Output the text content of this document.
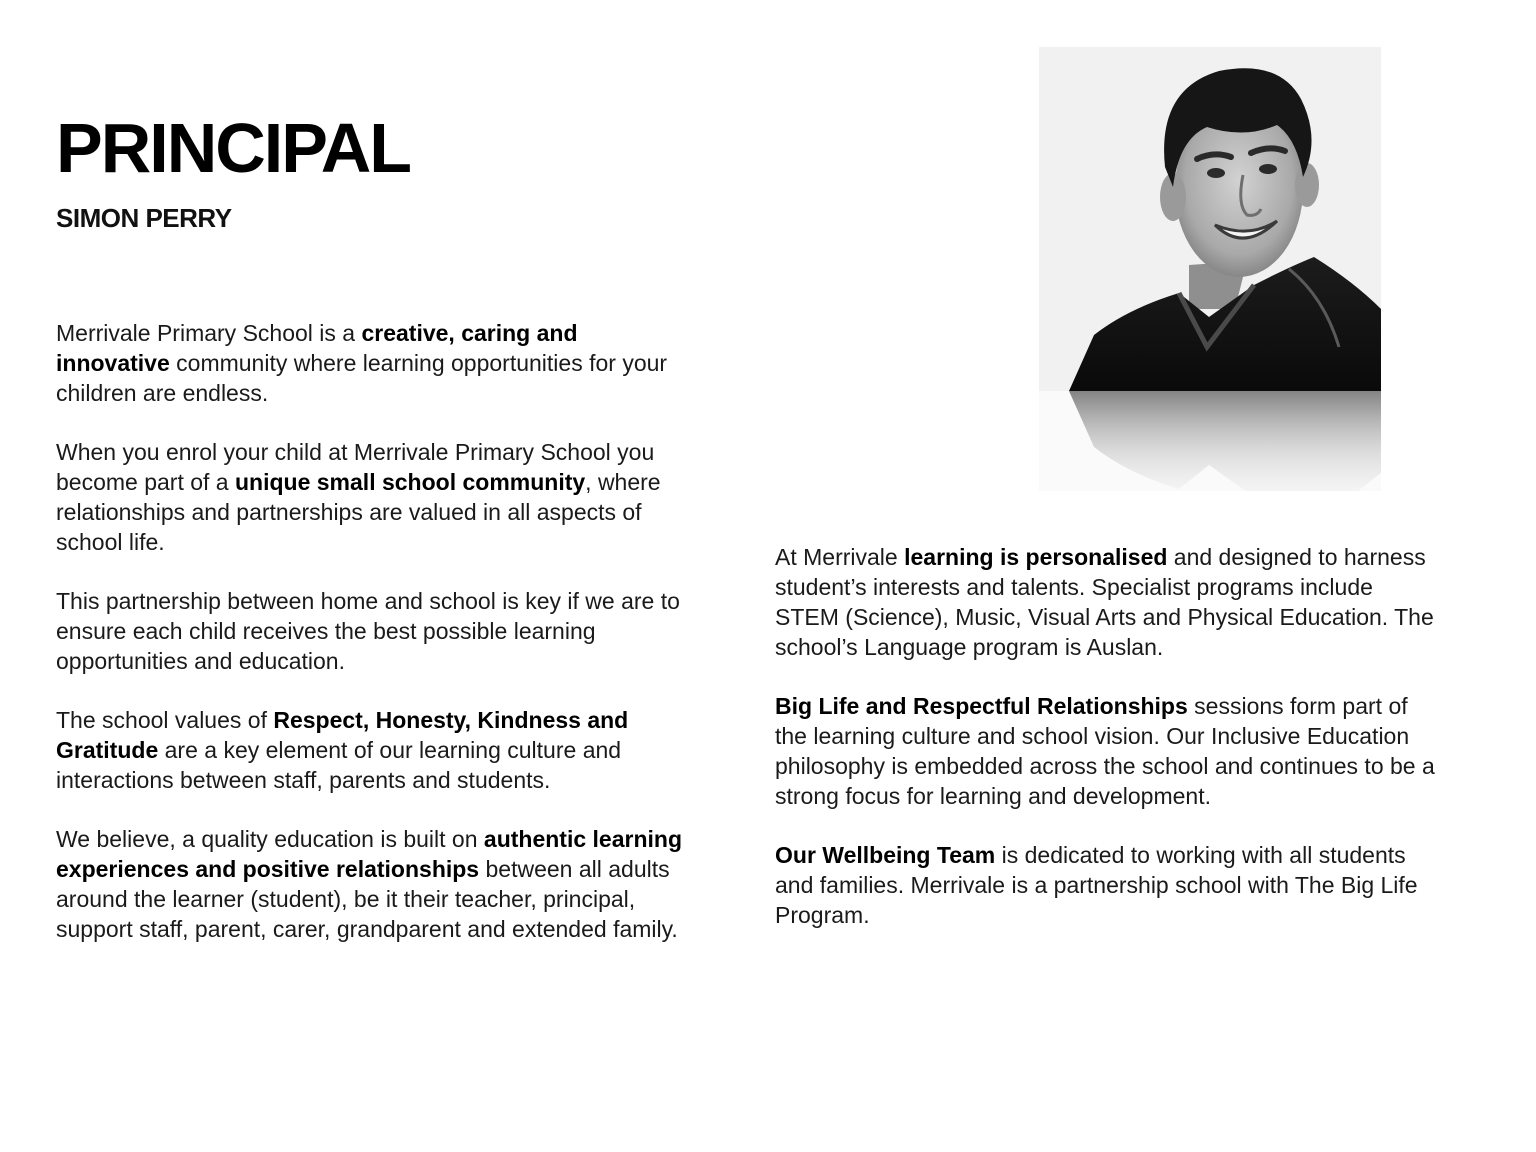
PRINCIPAL
SIMON PERRY

Merrivale Primary School is a creative, caring and innovative community where learning opportunities for your children are endless.

When you enrol your child at Merrivale Primary School you become part of a unique small school community, where relationships and partnerships are valued in all aspects of school life.

This partnership between home and school is key if we are to ensure each child receives the best possible learning opportunities and education.

The school values of Respect, Honesty, Kindness and Gratitude are a key element of our learning culture and interactions between staff, parents and students.

We believe, a quality education is built on authentic learning experiences and positive relationships between all adults around the learner (student), be it their teacher, principal, support staff, parent, carer, grandparent and extended family.

At Merrivale learning is personalised and designed to harness student’s interests and talents. Specialist programs include STEM (Science), Music, Visual Arts and Physical Education. The school’s Language program is Auslan.

Big Life and Respectful Relationships sessions form part of the learning culture and school vision. Our Inclusive Education philosophy is embedded across the school and continues to be a strong focus for learning and development.

Our Wellbeing Team is dedicated to working with all students and families. Merrivale is a partnership school with The Big Life Program.
